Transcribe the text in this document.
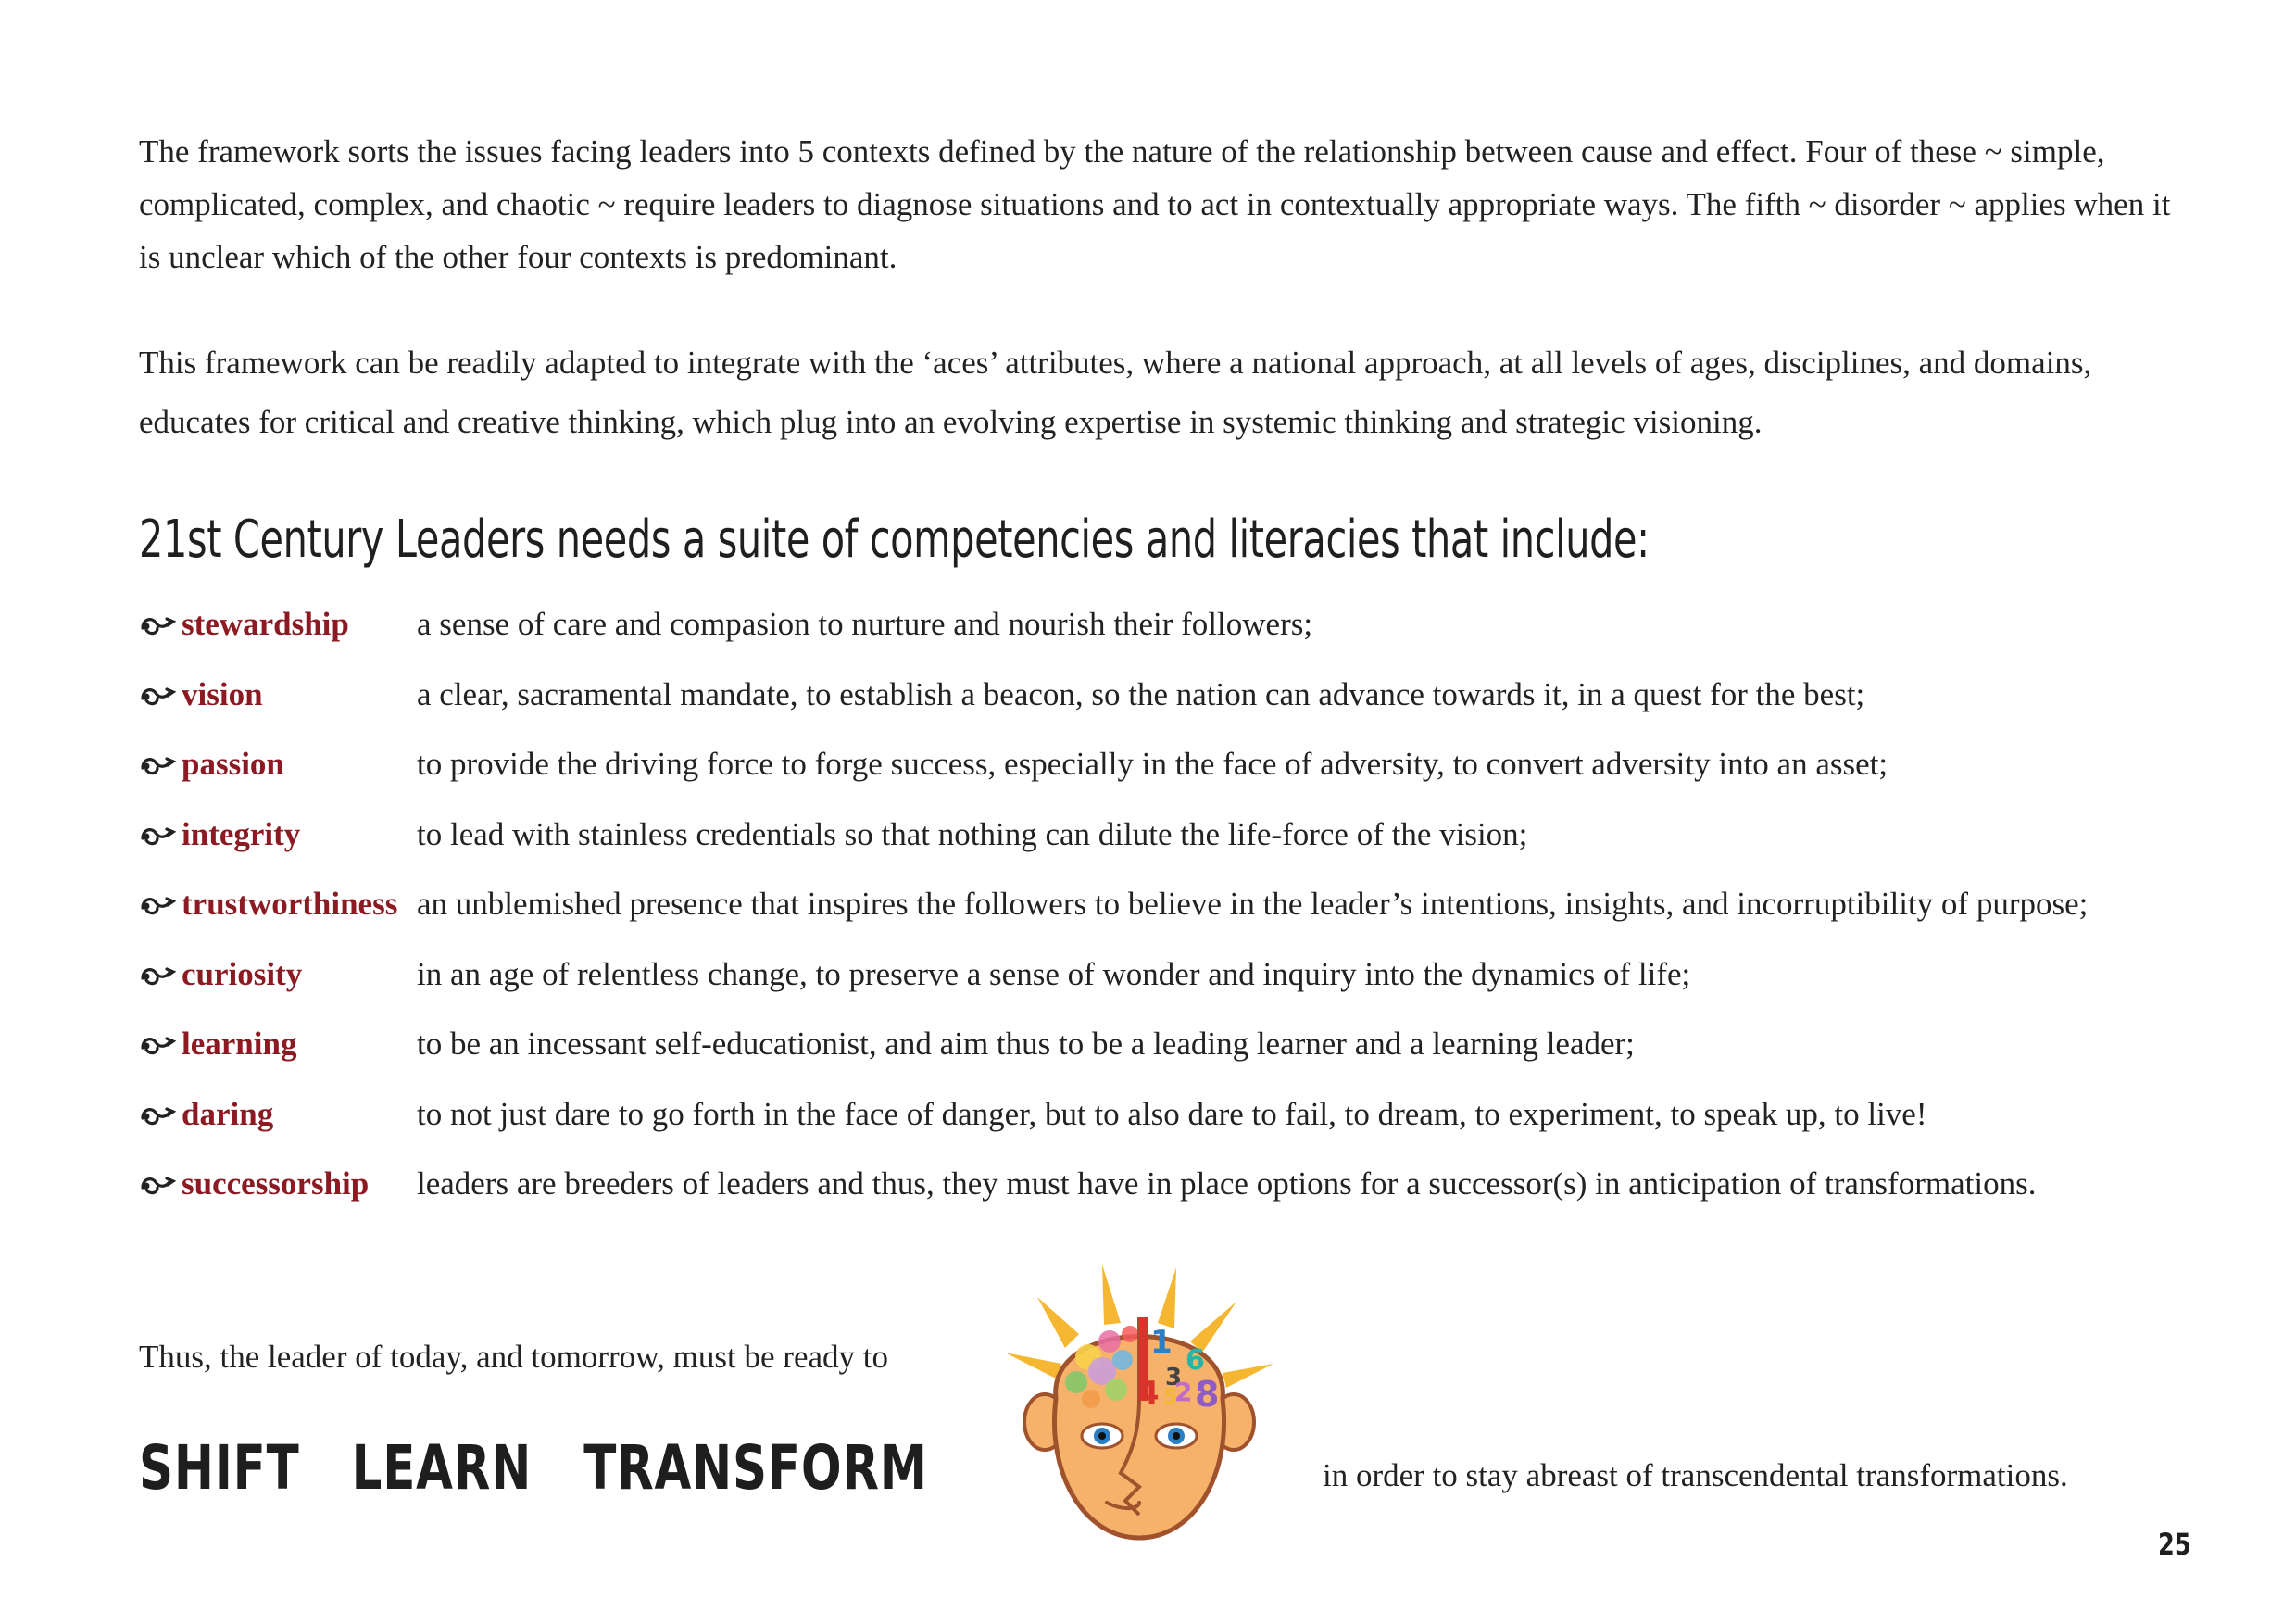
The framework sorts the issues facing leaders into 5 contexts defined by the nature of the relationship between cause and effect. Four of these ~ simple, complicated, complex, and chaotic ~ require leaders to diagnose situations and to act in contextually appropriate ways. The fifth ~ disorder ~ applies when it is unclear which of the other four contexts is predominant.

This framework can be readily adapted to integrate with the ‘aces’ attributes, where a national approach, at all levels of ages, disciplines, and domains, educates for critical and creative thinking, which plug into an evolving expertise in systemic thinking and strategic visioning.

21st Century Leaders needs a suite of competencies and literacies that include:
stewardship	a sense of care and compasion to nurture and nourish their followers;
vision	a clear, sacramental mandate, to establish a beacon, so the nation can advance towards it, in a quest for the best;
passion	to provide the driving force to forge success, especially in the face of adversity, to convert adversity into an asset;
integrity	to lead with stainless credentials so that nothing can dilute the life-force of the vision;
trustworthiness an unblemished presence that inspires the followers to believe in the leader’s intentions, insights, and incorruptibility of purpose;
curiosity	in an age of relentless change, to preserve a sense of wonder and inquiry into the dynamics of life;
learning	to be an incessant self-educationist, and aim thus to be a leading learner and a learning leader;
daring	to not just dare to go forth in the face of danger, but to also dare to fail, to dream, to experiment, to speak up, to live!
successorship	leaders are breeders of leaders and thus, they must have in place options for a successor(s) in anticipation of transformations.

Thus, the leader of today, and tomorrow, must be ready to

SHIFT LEARN TRANSFORM

1 6
3
4 5
2 8

in order to stay abreast of transcendental transformations.

25
